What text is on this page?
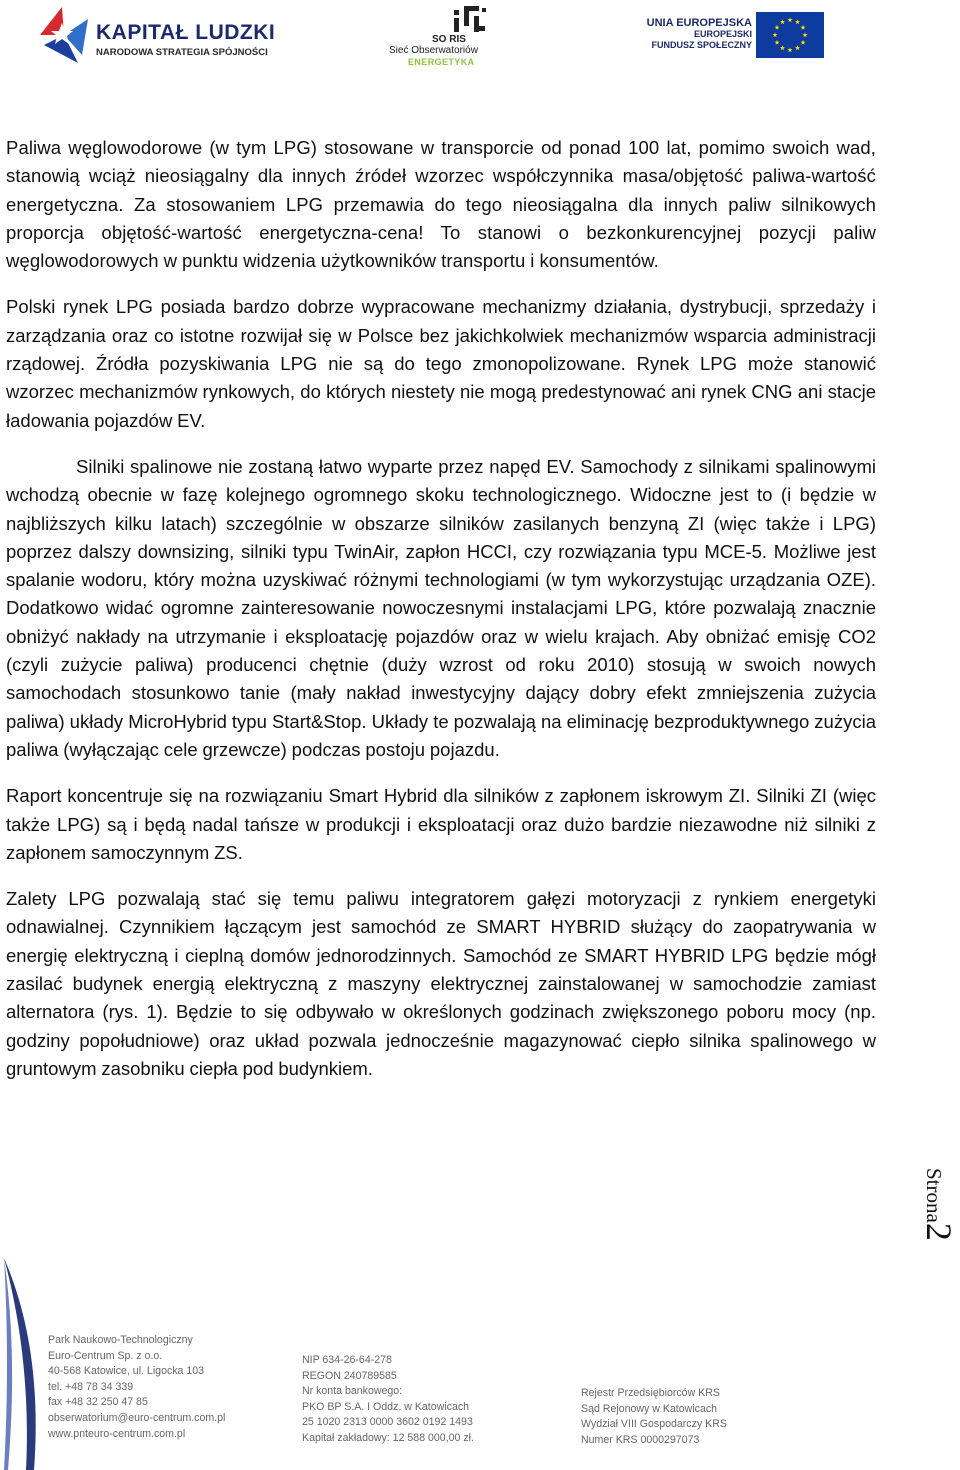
KAPITAŁ LUDZKI
NARODOWA STRATEGIA SPÓJNOŚCI
SO RIS
Sieć Obserwatoriów
ENERGETYKA
UNIA EUROPEJSKA
EUROPEJSKI
FUNDUSZ SPOŁECZNY

Paliwa węglowodorowe (w tym LPG) stosowane w transporcie od ponad 100 lat, pomimo swoich wad, stanowią wciąż nieosiągalny dla innych źródeł wzorzec współczynnika masa/objętość paliwa-wartość energetyczna. Za stosowaniem LPG przemawia do tego nieosiągalna dla innych paliw silnikowych proporcja objętość-wartość energetyczna-cena! To stanowi o bezkonkurencyjnej pozycji paliw węglowodorowych w punktu widzenia użytkowników transportu i konsumentów.

Polski rynek LPG posiada bardzo dobrze wypracowane mechanizmy działania, dystrybucji, sprzedaży i zarządzania oraz co istotne rozwijał się w Polsce bez jakichkolwiek mechanizmów wsparcia administracji rządowej. Źródła pozyskiwania LPG nie są do tego zmonopolizowane. Rynek LPG może stanowić wzorzec mechanizmów rynkowych, do których niestety nie mogą predestynować ani rynek CNG ani stacje ładowania pojazdów EV.

Silniki spalinowe nie zostaną łatwo wyparte przez napęd EV. Samochody z silnikami spalinowymi wchodzą obecnie w fazę kolejnego ogromnego skoku technologicznego. Widoczne jest to (i będzie w najbliższych kilku latach) szczególnie w obszarze silników zasilanych benzyną ZI (więc także i LPG) poprzez dalszy downsizing, silniki typu TwinAir, zapłon HCCI, czy rozwiązania typu MCE-5. Możliwe jest spalanie wodoru, który można uzyskiwać różnymi technologiami (w tym wykorzystując urządzania OZE). Dodatkowo widać ogromne zainteresowanie nowoczesnymi instalacjami LPG, które pozwalają znacznie obniżyć nakłady na utrzymanie i eksploatację pojazdów oraz w wielu krajach. Aby obniżać emisję CO2 (czyli zużycie paliwa) producenci chętnie (duży wzrost od roku 2010) stosują w swoich nowych samochodach stosunkowo tanie (mały nakład inwestycyjny dający dobry efekt zmniejszenia zużycia paliwa) układy MicroHybrid typu Start&Stop. Układy te pozwalają na eliminację bezproduktywnego zużycia paliwa (wyłączając cele grzewcze) podczas postoju pojazdu.

Raport koncentruje się na rozwiązaniu Smart Hybrid dla silników z zapłonem iskrowym ZI. Silniki ZI (więc także LPG) są i będą nadal tańsze w produkcji i eksploatacji oraz dużo bardzie niezawodne niż silniki z zapłonem samoczynnym ZS.

Zalety LPG pozwalają stać się temu paliwu integratorem gałęzi motoryzacji z rynkiem energetyki odnawialnej. Czynnikiem łączącym jest samochód ze SMART HYBRID służący do zaopatrywania w energię elektryczną i cieplną domów jednorodzinnych. Samochód ze SMART HYBRID LPG będzie mógł zasilać budynek energią elektryczną z maszyny elektrycznej zainstalowanej w samochodzie zamiast alternatora (rys. 1). Będzie to się odbywało w określonych godzinach zwiększonego poboru mocy (np. godziny popołudniowe) oraz układ pozwala jednocześnie magazynować ciepło silnika spalinowego w gruntowym zasobniku ciepła pod budynkiem.

Strona2
Park Naukowo-Technologiczny
Euro-Centrum Sp. z o.o.
40-568 Katowice, ul. Ligocka 103
tel. +48 78 34 339
fax +48 32 250 47 85
obserwatorium@euro-centrum.com.pl
www.pnteuro-centrum.com.pl
NIP 634-26-64-278
REGON 240789585
Nr konta bankowego:
PKO BP S.A. I Oddz. w Katowicach
25 1020 2313 0000 3602 0192 1493
Kapitał zakładowy: 12 588 000,00 zł.
Rejestr Przedsiębiorców KRS
Sąd Rejonowy w Katowicach
Wydział VIII Gospodarczy KRS
Numer KRS 0000297073
